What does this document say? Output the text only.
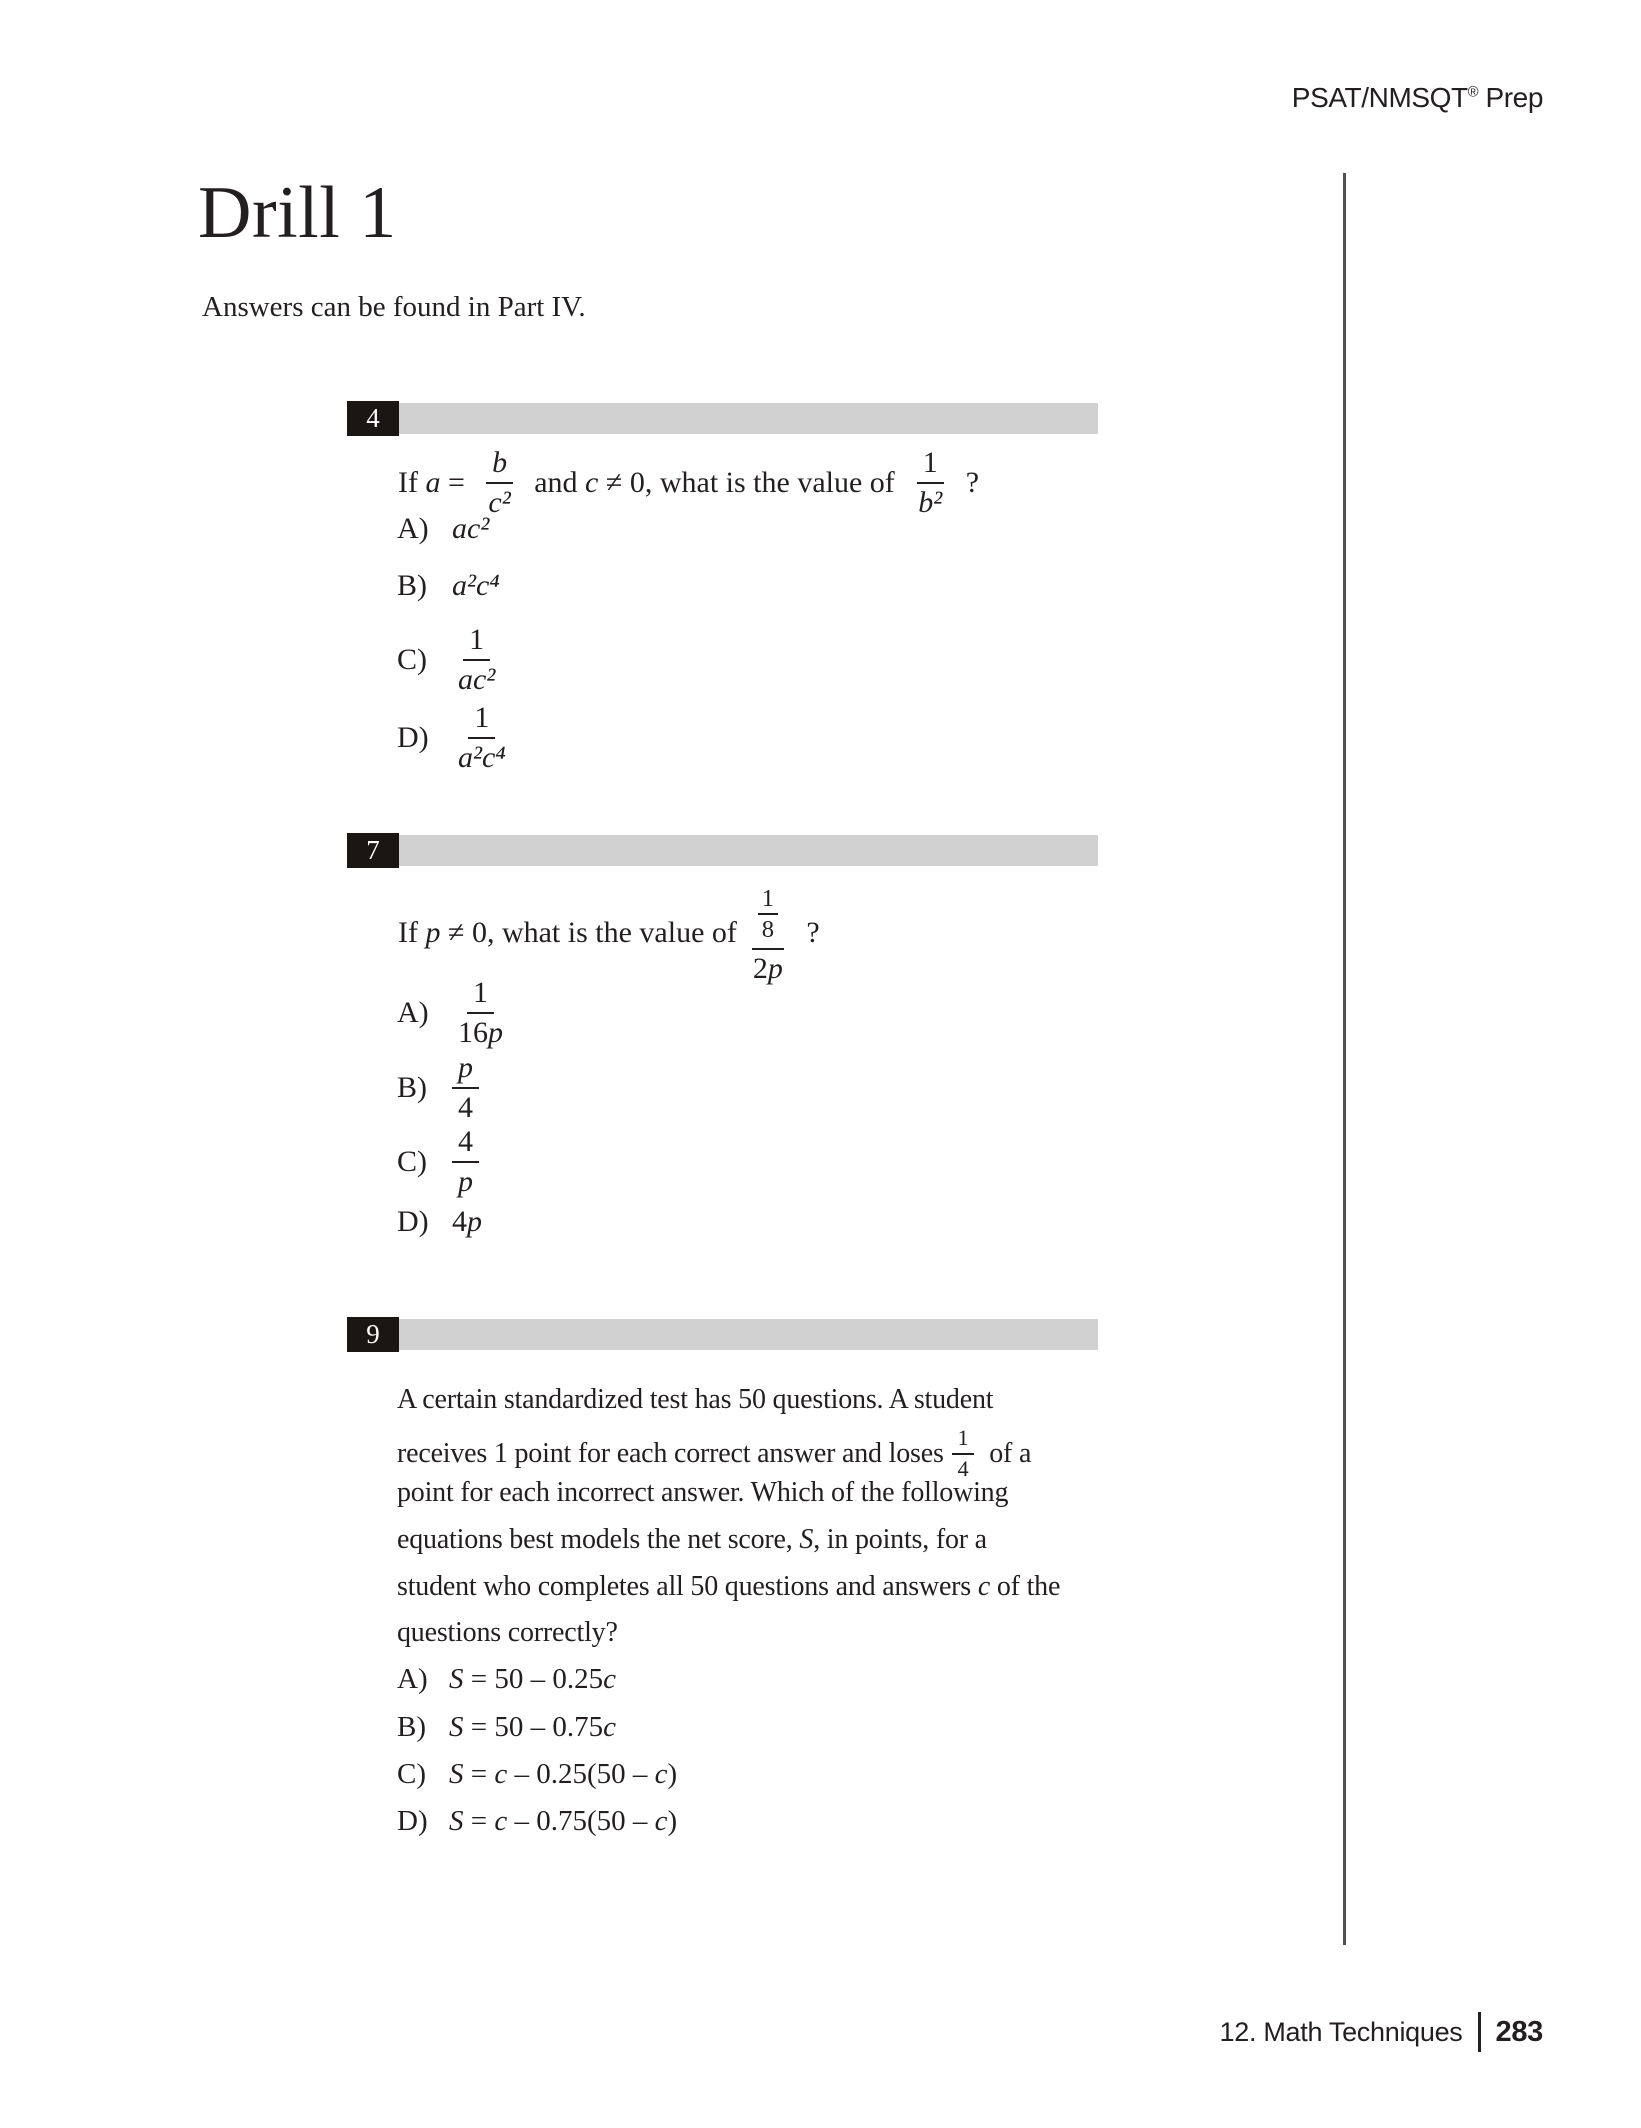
PSAT/NMSQT® Prep
Drill 1

Answers can be found in Part IV.

4
If $a = \frac{b}{\text{c²}}$ and c ≠ 0, what is the value of $\frac{1}{\text{b²}}$ ?
A) ac²
B) a²c⁴
$C) \frac{1}{\text{ac²}}$
$D) \frac{1}{\text{a²c⁴}}$
7
If p ≠ 0, what is the value of $\frac{\frac{1}{8}}{2p}$ ?
$A) \frac{1}{16p}$
$B) \frac{p}{4}$
$C) \frac{4}{p}$
D) 4p
9
A certain standardized test has 50 questions. A student
receives 1 point for each correct answer and loses $\frac{1}{4}$ of a
point for each incorrect answer. Which of the following
equations best models the net score, S , in points, for a
student who completes all 50 questions and answers c of the
questions correctly?
A) S = 50 – 0.25c
B) S = 50 – 0.75c
C) S = c – 0.25(50 – c)
D) S = c – 0.75(50 – c)
12. Math Techniques 283
